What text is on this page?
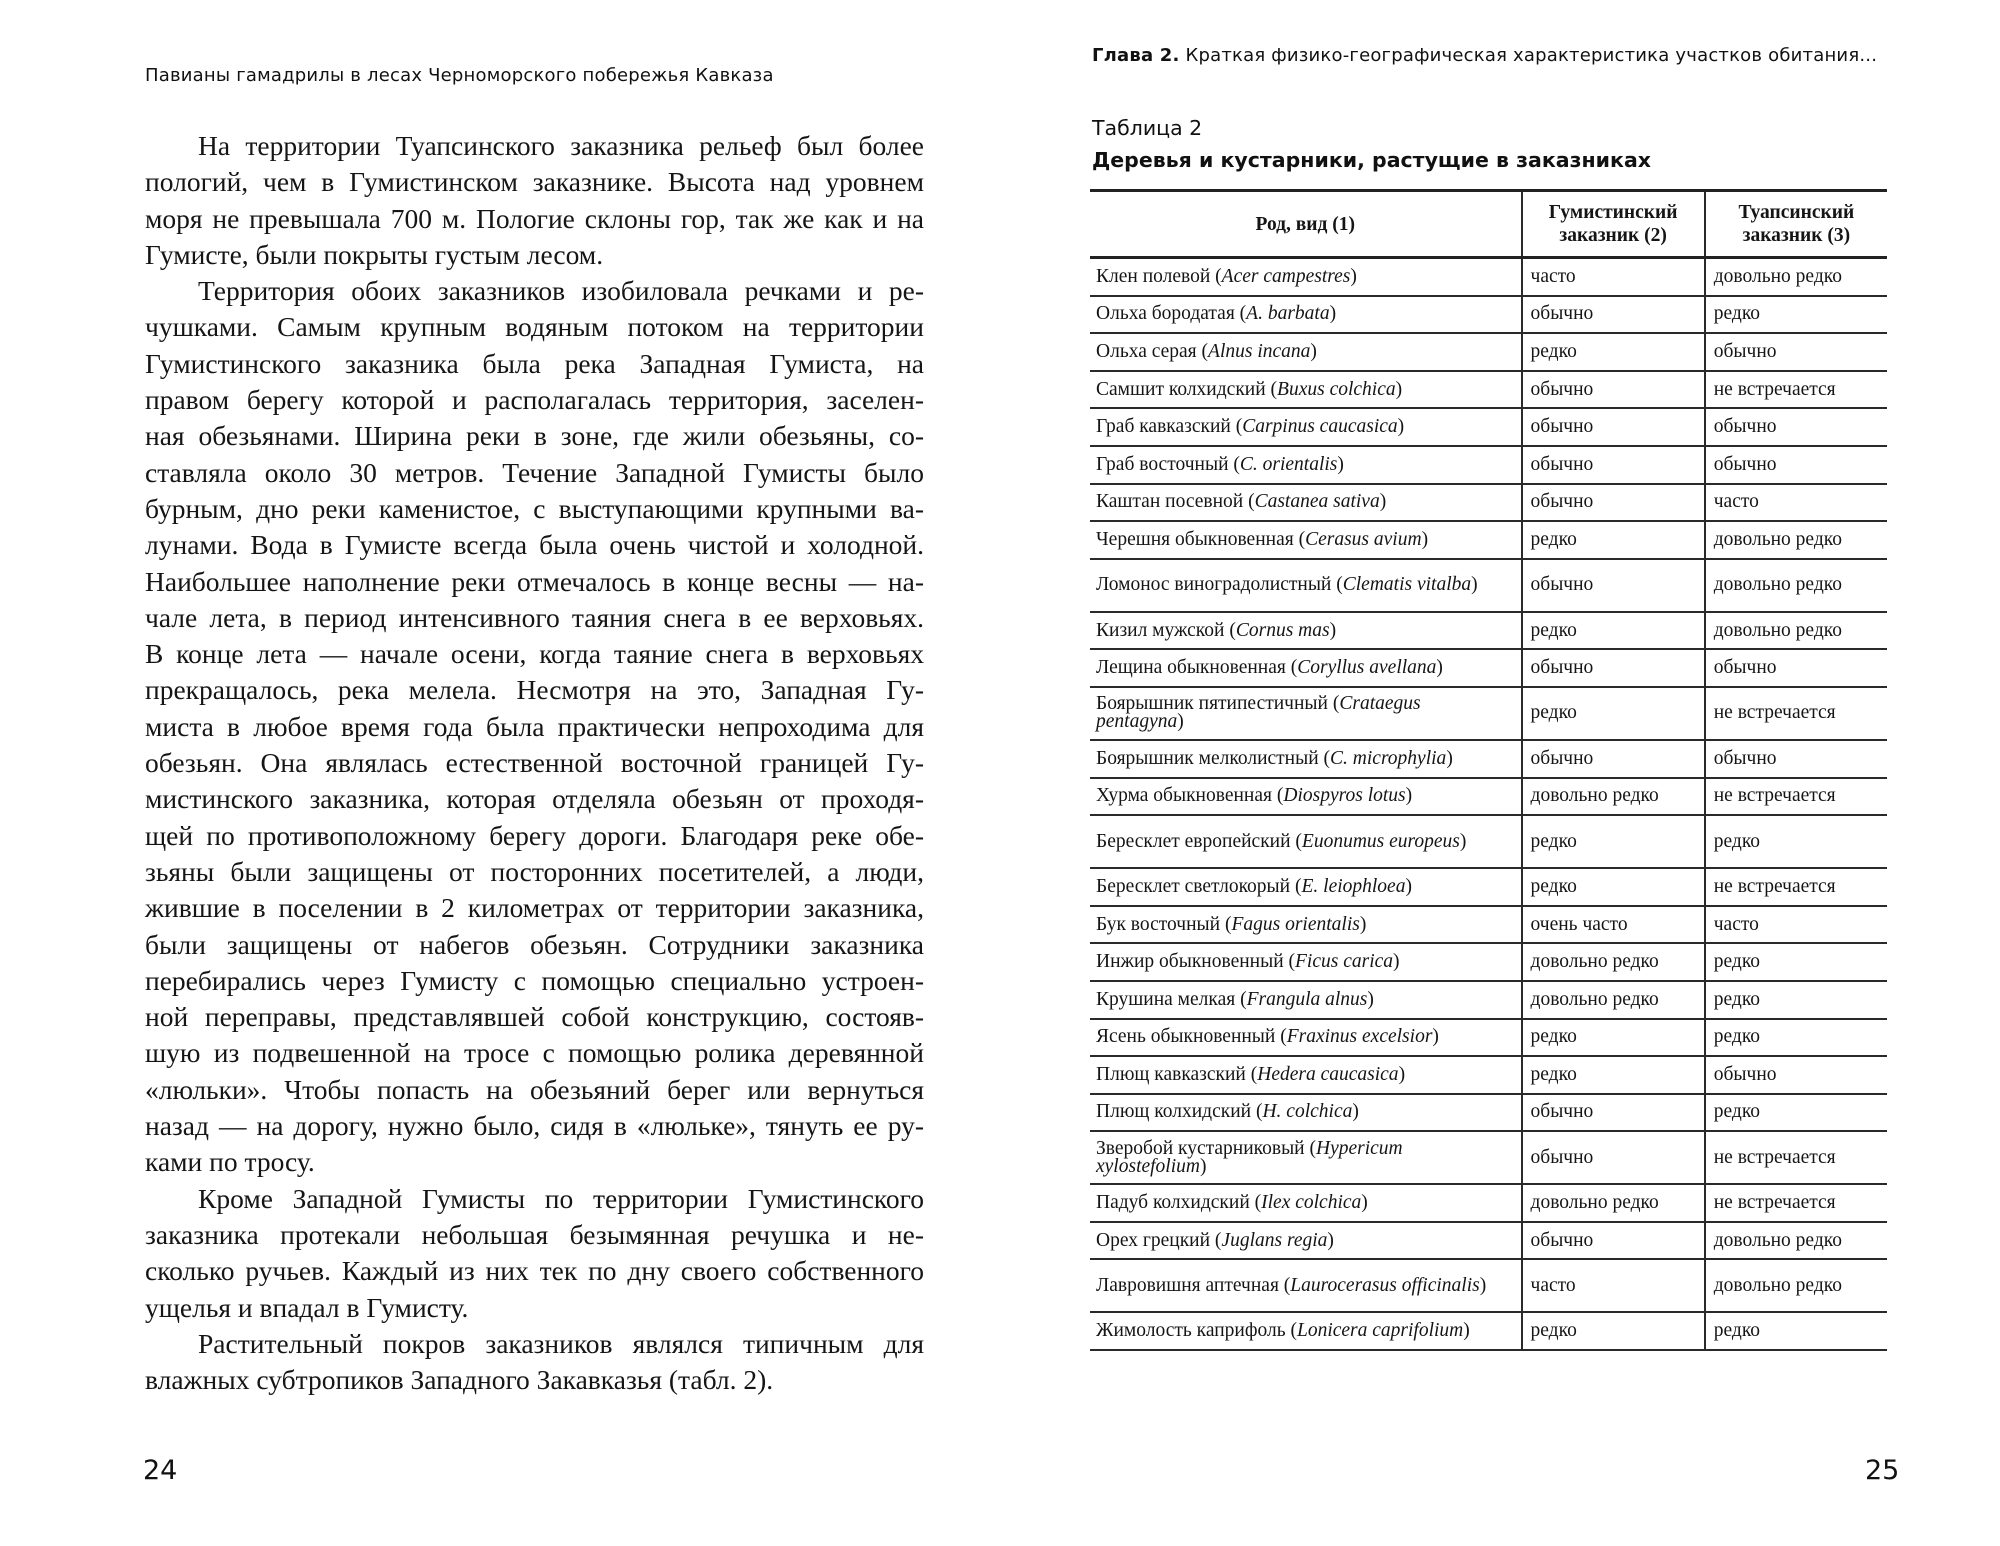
Павианы гамадрилы в лесах Черноморского побережья Кавказа
На территории Туапсинского заказника рельеф был более
пологий, чем в Гумистинском заказнике. Высота над уровнем
моря не превышала 700 м. Пологие склоны гор, так же как и на
Гумисте, были покрыты густым лесом.
Территория обоих заказников изобиловала речками и ре-
чушками. Самым крупным водяным потоком на территории
Гумистинского заказника была река Западная Гумиста, на
правом берегу которой и располагалась территория, заселен-
ная обезьянами. Ширина реки в зоне, где жили обезьяны, со-
ставляла около 30 метров. Течение Западной Гумисты было
бурным, дно реки каменистое, с выступающими крупными ва-
лунами. Вода в Гумисте всегда была очень чистой и холодной.
Наибольшее наполнение реки отмечалось в конце весны — на-
чале лета, в период интенсивного таяния снега в ее верховьях.
В конце лета — начале осени, когда таяние снега в верховьях
прекращалось, река мелела. Несмотря на это, Западная Гу-
миста в любое время года была практически непроходима для
обезьян. Она являлась естественной восточной границей Гу-
мистинского заказника, которая отделяла обезьян от проходя-
щей по противоположному берегу дороги. Благодаря реке обе-
зьяны были защищены от посторонних посетителей, а люди,
жившие в поселении в 2 километрах от территории заказника,
были защищены от набегов обезьян. Сотрудники заказника
перебирались через Гумисту с помощью специально устроен-
ной переправы, представлявшей собой конструкцию, состояв-
шую из подвешенной на тросе с помощью ролика деревянной
«люльки». Чтобы попасть на обезьяний берег или вернуться
назад — на дорогу, нужно было, сидя в «люльке», тянуть ее ру-
ками по тросу.
Кроме Западной Гумисты по территории Гумистинского
заказника протекали небольшая безымянная речушка и не-
сколько ручьев. Каждый из них тек по дну своего собственного
ущелья и впадал в Гумисту.
Растительный покров заказников являлся типичным для
влажных субтропиков Западного Закавказья (табл. 2).
24
Глава 2. Краткая физико-географическая характеристика участков обитания...
Таблица 2
Деревья и кустарники, растущие в заказниках
Род, вид (1)	Гумистинский заказник (2)	Туапсинский заказник (3)
Клен полевой (Acer campestres)	часто	довольно редко
Ольха бородатая (A. barbata)	обычно	редко
Ольха серая (Alnus incana)	редко	обычно
Самшит колхидский (Buxus colchica)	обычно	не встречается
Граб кавказский (Carpinus caucasica)	обычно	обычно
Граб восточный (C. orientalis)	обычно	обычно
Каштан посевной (Castanea sativa)	обычно	часто
Черешня обыкновенная (Cerasus avium)	редко	довольно редко
Ломонос виноградолистный (Clematis vitalba)	обычно	довольно редко
Кизил мужской (Cornus mas)	редко	довольно редко
Лещина обыкновенная (Coryllus avellana)	обычно	обычно
Боярышник пятипестичный (Crataegus pentagyna)	редко	не встречается
Боярышник мелколистный (C. microphylia)	обычно	обычно
Хурма обыкновенная (Diospyros lotus)	довольно редко	не встречается
Бересклет европейский (Euonumus europeus)	редко	редко
Бересклет светлокорый (E. leiophloea)	редко	не встречается
Бук восточный (Fagus orientalis)	очень часто	часто
Инжир обыкновенный (Ficus carica)	довольно редко	редко
Крушина мелкая (Frangula alnus)	довольно редко	редко
Ясень обыкновенный (Fraxinus excelsior)	редко	редко
Плющ кавказский (Hedera caucasica)	редко	обычно
Плющ колхидский (H. colchica)	обычно	редко
Зверобой кустарниковый (Hypericum xylostefolium)	обычно	не встречается
Падуб колхидский (Ilex colchica)	довольно редко	не встречается
Орех грецкий (Juglans regia)	обычно	довольно редко
Лавровишня аптечная (Laurocerasus officinalis)	часто	довольно редко
Жимолость каприфоль (Lonicera caprifolium)	редко	редко
25
